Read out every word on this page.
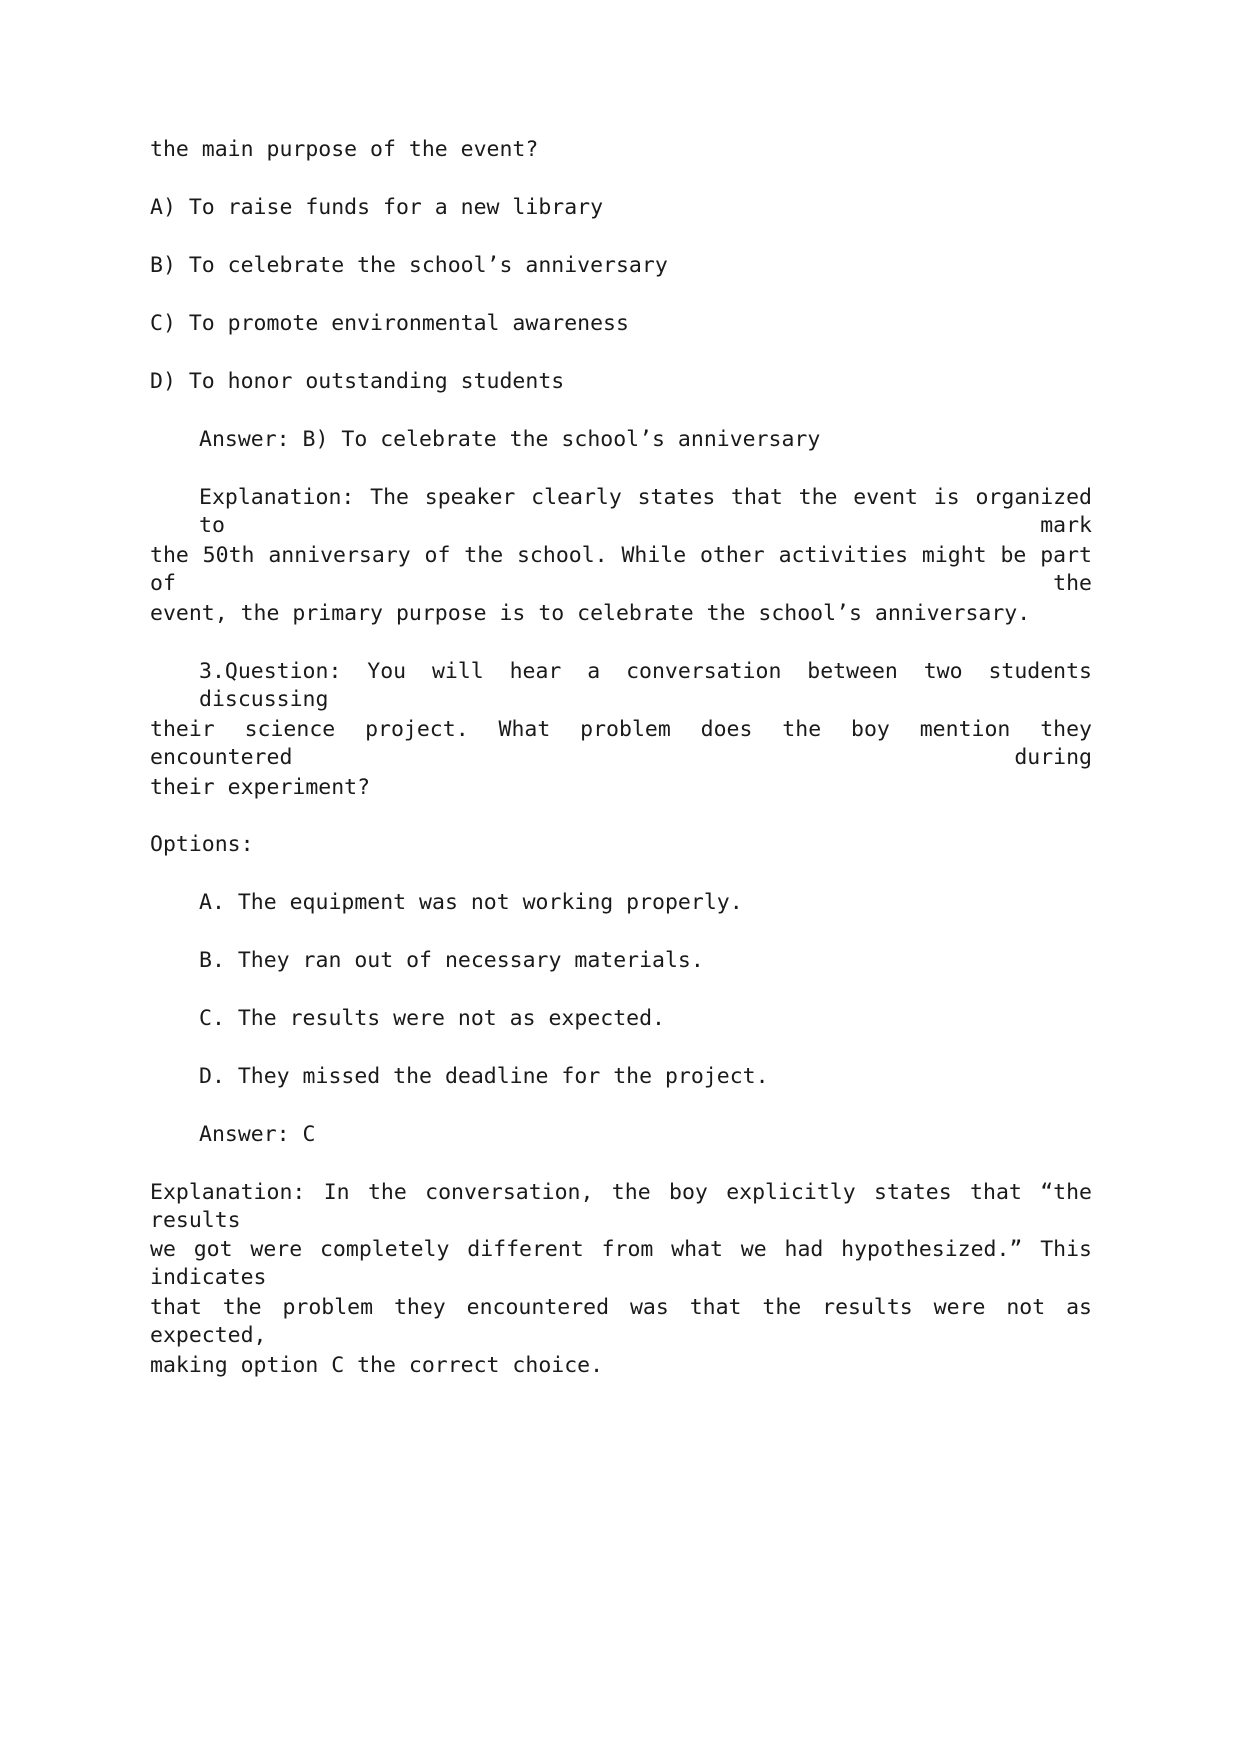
the main purpose of the event?
A) To raise funds for a new library
B) To celebrate the school’s anniversary
C) To promote environmental awareness
D) To honor outstanding students
Answer: B) To celebrate the school’s anniversary
Explanation: The speaker clearly states that the event is organized to mark
the 50th anniversary of the school. While other activities might be part of the
event, the primary purpose is to celebrate the school’s anniversary.
3.Question: You will hear a conversation between two students discussing
their science project. What problem does the boy mention they encountered during
their experiment?
Options:
A. The equipment was not working properly.
B. They ran out of necessary materials.
C. The results were not as expected.
D. They missed the deadline for the project.
Answer: C
Explanation: In the conversation, the boy explicitly states that “the results
we got were completely different from what we had hypothesized.” This indicates
that the problem they encountered was that the results were not as expected,
making option C the correct choice.
